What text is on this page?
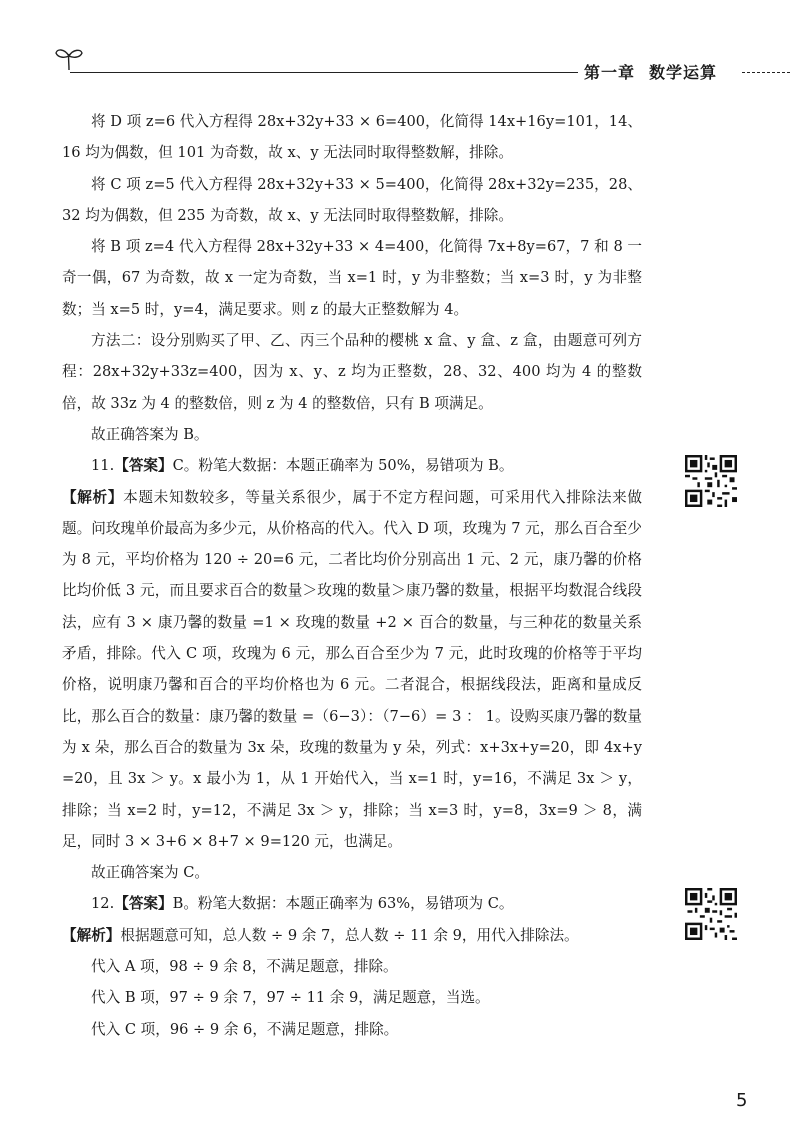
第一章 数学运算

将 D 项 z=6 代入方程得 28x+32y+33 × 6=400，化简得 14x+16y=101，14、16 均为偶数，但 101 为奇数，故 x、y 无法同时取得整数解，排除。

将 C 项 z=5 代入方程得 28x+32y+33 × 5=400，化简得 28x+32y=235，28、32 均为偶数，但 235 为奇数，故 x、y 无法同时取得整数解，排除。

将 B 项 z=4 代入方程得 28x+32y+33 × 4=400，化简得 7x+8y=67，7 和 8 一奇一偶，67 为奇数，故 x 一定为奇数，当 x=1 时，y 为非整数；当 x=3 时，y 为非整数；当 x=5 时，y=4，满足要求。则 z 的最大正整数解为 4。

方法二：设分别购买了甲、乙、丙三个品种的樱桃 x 盒、y 盒、z 盒，由题意可列方程：28x+32y+33z=400，因为 x、y、z 均为正整数，28、32、400 均为 4 的整数倍，故 33z 为 4 的整数倍，则 z 为 4 的整数倍，只有 B 项满足。

故正确答案为 B。

11.【答案】C。粉笔大数据：本题正确率为 50%，易错项为 B。

【解析】本题未知数较多，等量关系很少，属于不定方程问题，可采用代入排除法来做题。问玫瑰单价最高为多少元，从价格高的代入。代入 D 项，玫瑰为 7 元，那么百合至少为 8 元，平均价格为 120 ÷ 20=6 元，二者比均价分别高出 1 元、2 元，康乃馨的价格比均价低 3 元，而且要求百合的数量＞玫瑰的数量＞康乃馨的数量，根据平均数混合线段法，应有 3 × 康乃馨的数量 =1 × 玫瑰的数量 +2 × 百合的数量，与三种花的数量关系矛盾，排除。代入 C 项，玫瑰为 6 元，那么百合至少为 7 元，此时玫瑰的价格等于平均价格，说明康乃馨和百合的平均价格也为 6 元。二者混合，根据线段法，距离和量成反比，那么百合的数量：康乃馨的数量 =（6−3）：（7−6）= 3 ： 1。设购买康乃馨的数量为 x 朵，那么百合的数量为 3x 朵，玫瑰的数量为 y 朵，列式：x+3x+y=20，即 4x+y=20，且 3x ＞ y。x 最小为 1，从 1 开始代入，当 x=1 时，y=16，不满足 3x ＞ y，排除；当 x=2 时，y=12，不满足 3x ＞ y，排除；当 x=3 时，y=8，3x=9 ＞ 8，满足，同时 3 × 3+6 × 8+7 × 9=120 元，也满足。

故正确答案为 C。

12.【答案】B。粉笔大数据：本题正确率为 63%，易错项为 C。

【解析】根据题意可知，总人数 ÷ 9 余 7，总人数 ÷ 11 余 9，用代入排除法。

代入 A 项，98 ÷ 9 余 8，不满足题意，排除。

代入 B 项，97 ÷ 9 余 7，97 ÷ 11 余 9，满足题意，当选。

代入 C 项，96 ÷ 9 余 6，不满足题意，排除。

5
